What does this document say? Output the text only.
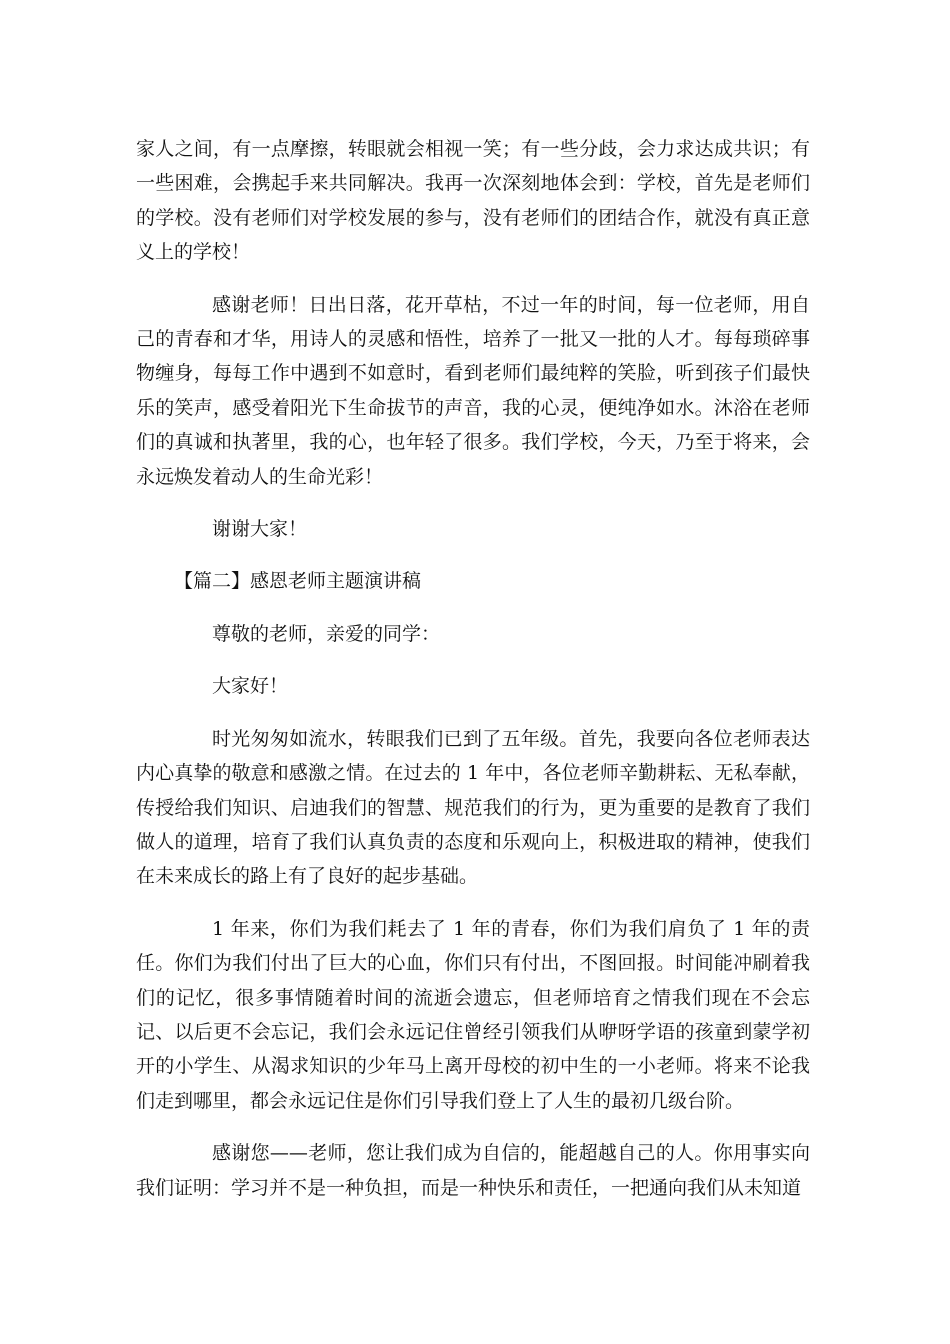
家人之间，有一点摩擦，转眼就会相视一笑；有一些分歧，会力求达成共识；有一些困难，会携起手来共同解决。我再一次深刻地体会到：学校，首先是老师们的学校。没有老师们对学校发展的参与，没有老师们的团结合作，就没有真正意义上的学校！

感谢老师！日出日落，花开草枯，不过一年的时间，每一位老师，用自己的青春和才华，用诗人的灵感和悟性，培养了一批又一批的人才。每每琐碎事物缠身，每每工作中遇到不如意时，看到老师们最纯粹的笑脸，听到孩子们最快乐的笑声，感受着阳光下生命拔节的声音，我的心灵，便纯净如水。沐浴在老师们的真诚和执著里，我的心，也年轻了很多。我们学校，今天，乃至于将来，会永远焕发着动人的生命光彩！

谢谢大家！

【篇二】感恩老师主题演讲稿

尊敬的老师，亲爱的同学：

大家好！

时光匆匆如流水，转眼我们已到了五年级。首先，我要向各位老师表达内心真挚的敬意和感激之情。在过去的 1 年中，各位老师辛勤耕耘、无私奉献，传授给我们知识、启迪我们的智慧、规范我们的行为，更为重要的是教育了我们做人的道理，培育了我们认真负责的态度和乐观向上，积极进取的精神，使我们在未来成长的路上有了良好的起步基础。

1 年来，你们为我们耗去了 1 年的青春，你们为我们肩负了 1 年的责任。你们为我们付出了巨大的心血，你们只有付出，不图回报。时间能冲刷着我们的记忆，很多事情随着时间的流逝会遗忘，但老师培育之情我们现在不会忘记、以后更不会忘记，我们会永远记住曾经引领我们从咿呀学语的孩童到蒙学初开的小学生、从渴求知识的少年马上离开母校的初中生的一小老师。将来不论我们走到哪里，都会永远记住是你们引导我们登上了人生的最初几级台阶。

感谢您——老师，您让我们成为自信的，能超越自己的人。你用事实向我们证明：学习并不是一种负担，而是一种快乐和责任，一把通向我们从未知道
